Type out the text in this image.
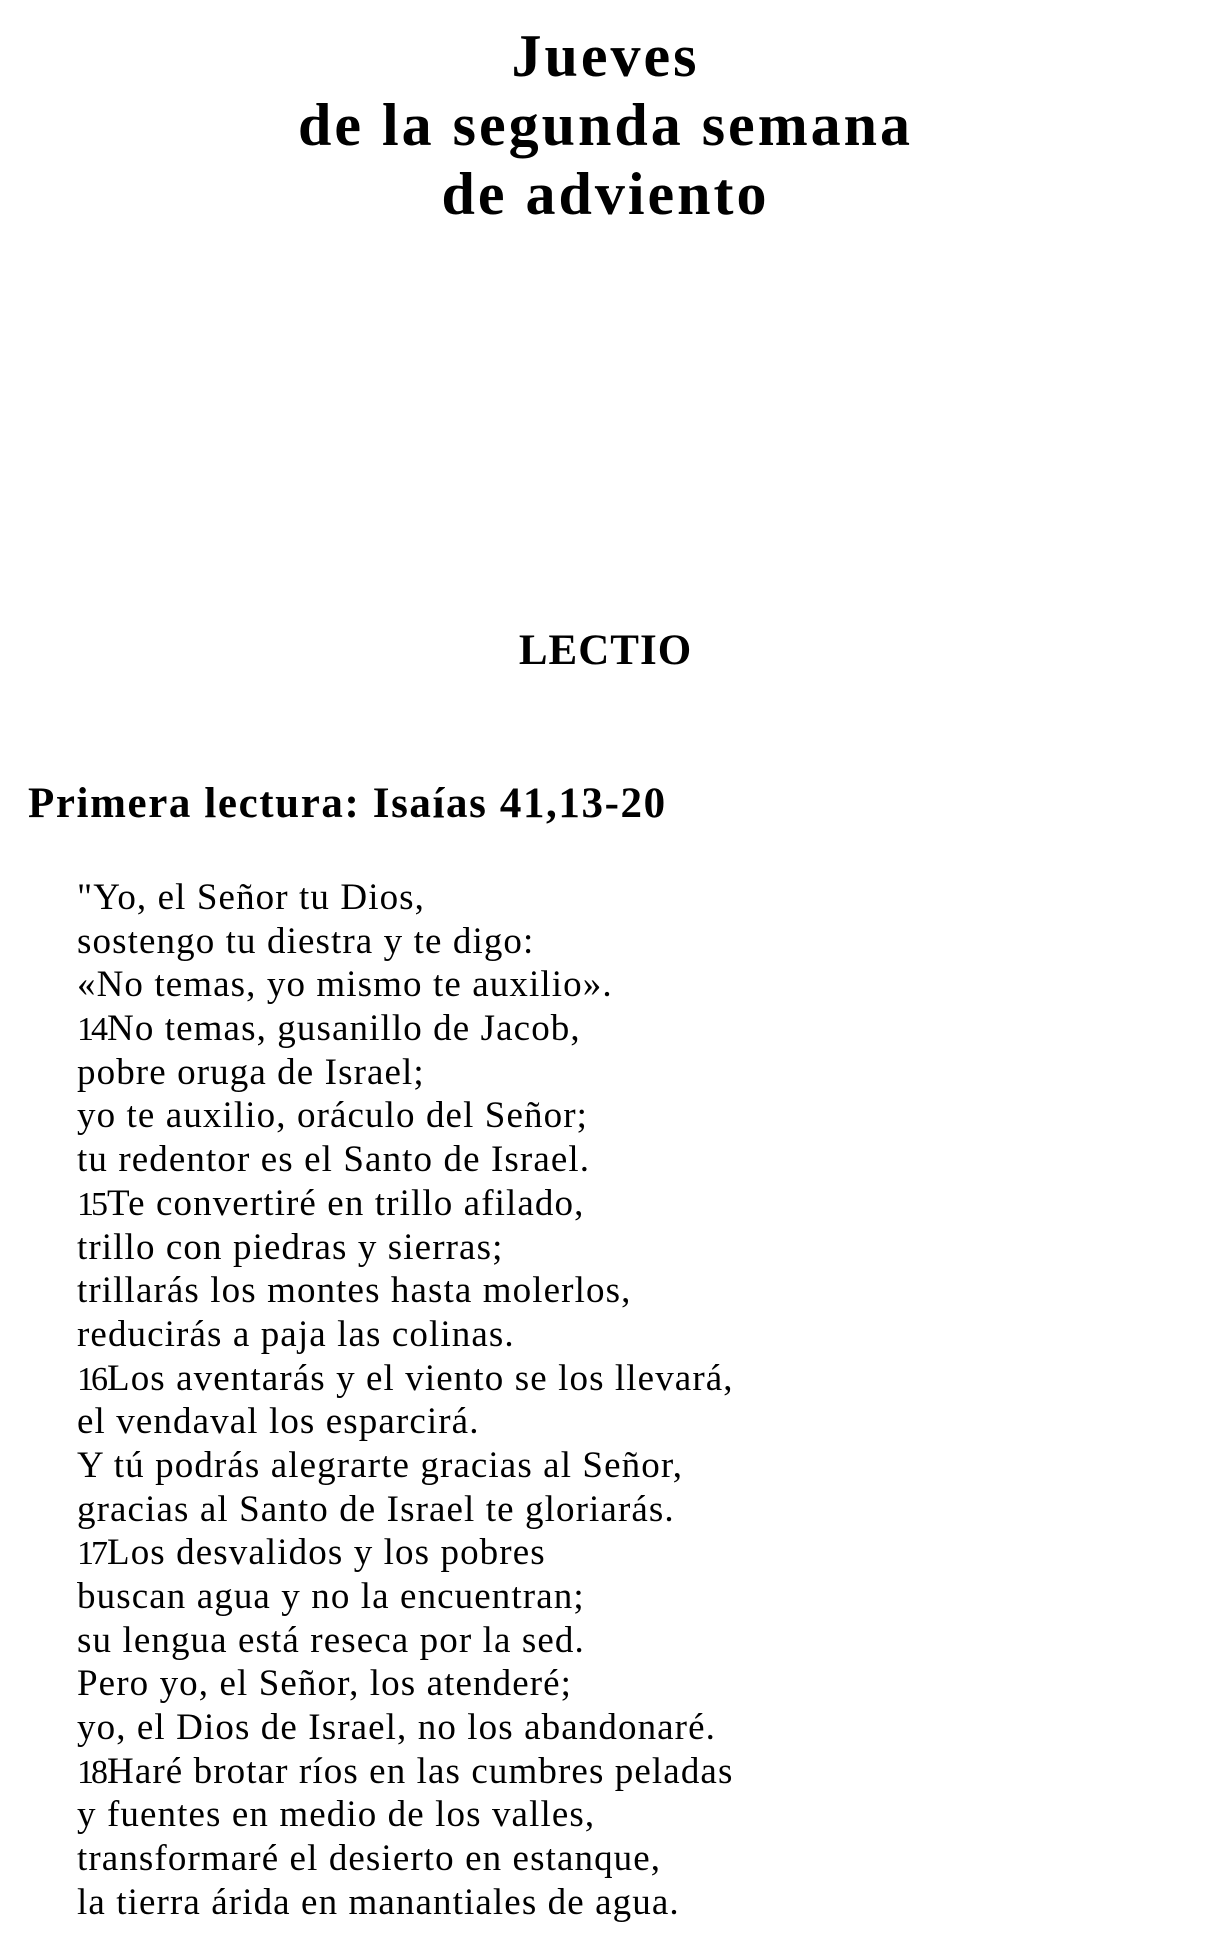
Jueves
de la segunda semana
de adviento
LECTIO
Primera lectura: Isaías 41,13-20
"Yo, el Señor tu Dios,
sostengo tu diestra y te digo:
«No temas, yo mismo te auxilio».
14No temas, gusanillo de Jacob,
pobre oruga de Israel;
yo te auxilio, oráculo del Señor;
tu redentor es el Santo de Israel.
15Te convertiré en trillo afilado,
trillo con piedras y sierras;
trillarás los montes hasta molerlos,
reducirás a paja las colinas.
16Los aventarás y el viento se los llevará,
el vendaval los esparcirá.
Y tú podrás alegrarte gracias al Señor,
gracias al Santo de Israel te gloriarás.
17Los desvalidos y los pobres
buscan agua y no la encuentran;
su lengua está reseca por la sed.
Pero yo, el Señor, los atenderé;
yo, el Dios de Israel, no los abandonaré.
18Haré brotar ríos en las cumbres peladas
y fuentes en medio de los valles,
transformaré el desierto en estanque,
la tierra árida en manantiales de agua.
